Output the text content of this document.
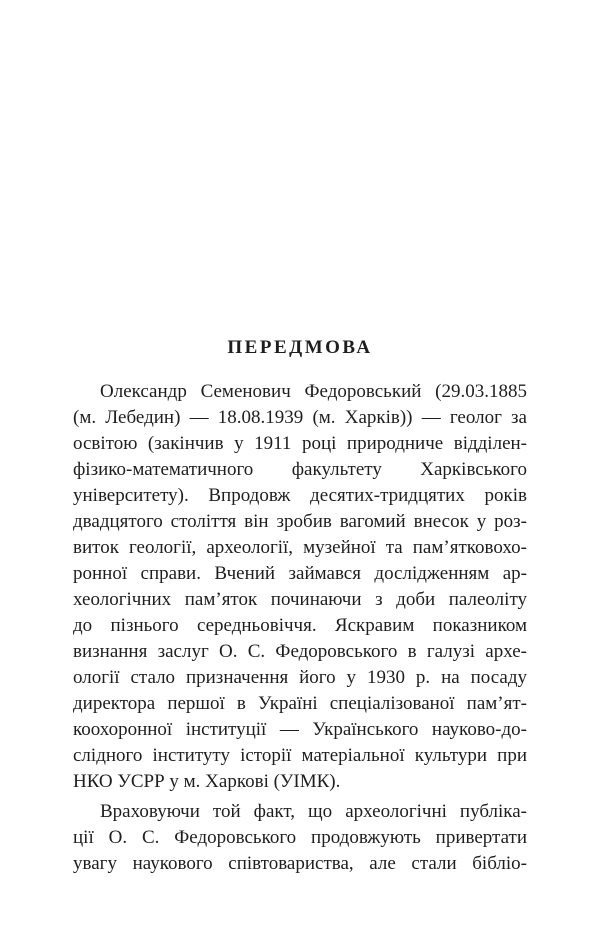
ПЕРЕДМОВА
Олександр Семенович Федоровський (29.03.1885
(м. Лебедин) — 18.08.1939 (м. Харків)) — геолог за
освітою (закінчив у 1911 році природниче відділен-
фізико-математичного факультету Харківського
університету). Впродовж десятих-тридцятих років
двадцятого століття він зробив вагомий внесок у роз-
виток геології, археології, музейної та пам’ятковохо-
ронної справи. Вчений займався дослідженням ар-
хеологічних пам’яток починаючи з доби палеоліту
до пізнього середньовіччя. Яскравим показником
визнання заслуг О. С. Федоровського в галузі архе-
ології стало призначення його у 1930 р. на посаду
директора першої в Україні спеціалізованої пам’ят-
коохоронної інституції — Українського науково-до-
слідного інституту історії матеріальної культури при
НКО УСРР у м. Харкові (УІМК).
Враховуючи той факт, що археологічні публіка-
ції О. С. Федоровського продовжують привертати
увагу наукового співтовариства, але стали бібліо-
